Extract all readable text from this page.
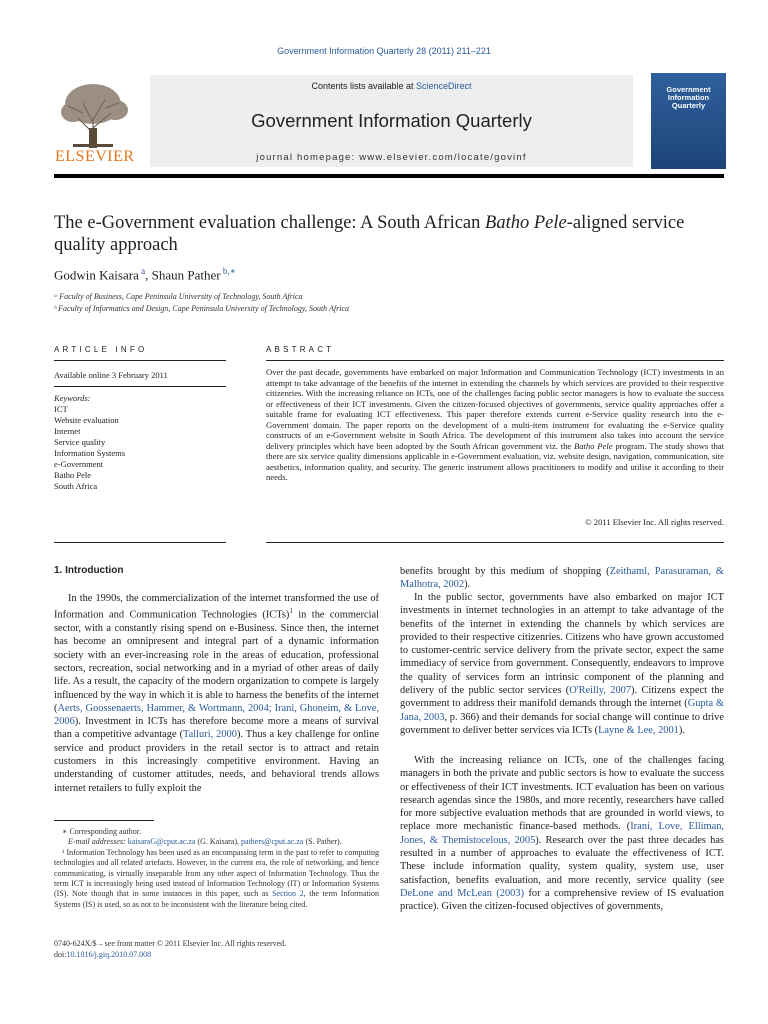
Government Information Quarterly 28 (2011) 211–221
Contents lists available at ScienceDirect
Government Information Quarterly
journal homepage: www.elsevier.com/locate/govinf
ELSEVIER
Government Information Quarterly
The e-Government evaluation challenge: A South African Batho Pele-aligned service quality approach
Godwin Kaisara $^a$, Shaun Pather $^{b,∗}$
ᵃ Faculty of Business, Cape Peninsula University of Technology, South Africa
ᵇ Faculty of Informatics and Design, Cape Peninsula University of Technology, South Africa
ARTICLE INFO	ABSTRACT
Available online 3 February 2011
Keywords:
ICT
Website evaluation
Internet
Service quality
Information Systems
e-Government
Batho Pele
South Africa
Over the past decade, governments have embarked on major Information and Communication Technology (ICT) investments in an attempt to take advantage of the benefits of the internet in extending the channels by which services are provided to their respective citizenries. With the increasing reliance on ICTs, one of the challenges facing public sector managers is how to evaluate the success or effectiveness of their ICT investments. Given the citizen-focused objectives of governments, service quality approaches offer a suitable frame for evaluating ICT effectiveness. This paper therefore extends current e-Service quality research into the e-Government domain. The paper reports on the development of a multi-item instrument for evaluating the e-Service quality constructs of an e-Government website in South Africa. The development of this instrument also takes into account the service delivery principles which have been adopted by the South African government viz. the Batho Pele program. The study shows that there are six service quality dimensions applicable in e-Government evaluation, viz. website design, navigation, communication, site aesthetics, information quality, and security. The generic instrument allows practitioners to modify and utilise it according to their needs.
© 2011 Elsevier Inc. All rights reserved.
1. Introduction
In the 1990s, the commercialization of the internet transformed the use of Information and Communication Technologies (ICTs)$^1$ in the commercial sector, with a constantly rising spend on e-Business. Since then, the internet has become an omnipresent and integral part of a dynamic information society with an ever-increasing role in the areas of education, professional sectors, recreation, social networking and in a myriad of other areas of daily life. As a result, the capacity of the modern organization to compete is largely influenced by the way in which it is able to harness the benefits of the internet (Aerts, Goossenaerts, Hammer, & Wortmann, 2004; Irani, Ghoneim, & Love, 2006). Investment in ICTs has therefore become more a means of survival than a competitive advantage (Talluri, 2000). Thus a key challenge for online service and product providers in the retail sector is to attract and retain customers in this increasingly competitive environment. Having an understanding of customer attitudes, needs, and behavioral trends allows internet retailers to fully exploit the
benefits brought by this medium of shopping (Zeithaml, Parasuraman, & Malhotra, 2002).
In the public sector, governments have also embarked on major ICT investments in internet technologies in an attempt to take advantage of the benefits of the internet in extending the channels by which services are provided to their respective citizenries. Citizens who have grown accustomed to customer-centric service delivery from the private sector, expect the same immediacy of service from government. Consequently, endeavors to improve the quality of services form an intrinsic component of the planning and delivery of the public sector services (O'Reilly, 2007). Citizens expect the government to address their manifold demands through the internet (Gupta & Jana, 2003, p. 366) and their demands for social change will continue to drive government to deliver better services via ICTs (Layne & Lee, 2001).
With the increasing reliance on ICTs, one of the challenges facing managers in both the private and public sectors is how to evaluate the success or effectiveness of their ICT investments. ICT evaluation has been on various research agendas since the 1980s, and more recently, researchers have called for more subjective evaluation methods that are grounded in world views, to replace more mechanistic finance-based methods. (Irani, Love, Elliman, Jones, & Themistocelous, 2005). Research over the past three decades has resulted in a number of approaches to evaluate the effectiveness of ICT. These include information quality, system quality, system use, user satisfaction, benefits evaluation, and more recently, service quality (see DeLone and McLean (2003) for a comprehensive review of IS evaluation practice). Given the citizen-focused objectives of governments,
∗ Corresponding author.
E-mail addresses: kaisaraG@cput.ac.za (G. Kaisara), pathers@cput.ac.za (S. Pather).
¹ Information Technology has been used as an encompassing term in the past to refer to computing technologies and all related artefacts. However, in the current era, the role of networking, and hence communicating, is virtually inseparable from any other aspect of Information Technology. Thus the term ICT is increasingly being used instead of Information Technology (IT) or Information Systems (IS). Note though that in some instances in this paper, such as Section 2, the term Information Systems (IS) is used, so as not to be inconsistent with the literature being cited.
0740-624X/$ – see front matter © 2011 Elsevier Inc. All rights reserved.
doi:10.1016/j.giq.2010.07.008
